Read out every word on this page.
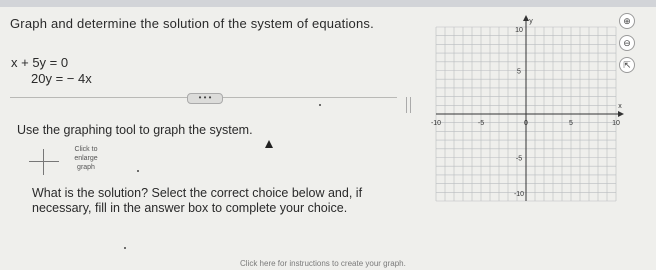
Graph and determine the solution of the system of equations.
x + 5y = 0
20y = − 4x
• • •
Use the graphing tool to graph the system.
Click to enlarge graph
What is the solution? Select the correct choice below and, if necessary, fill in the answer box to complete your choice.
Click here for instructions to create your graph.
-10	-5	0	5	10
10
5
-5
-10
y
x
⊕
⊖
⇱
